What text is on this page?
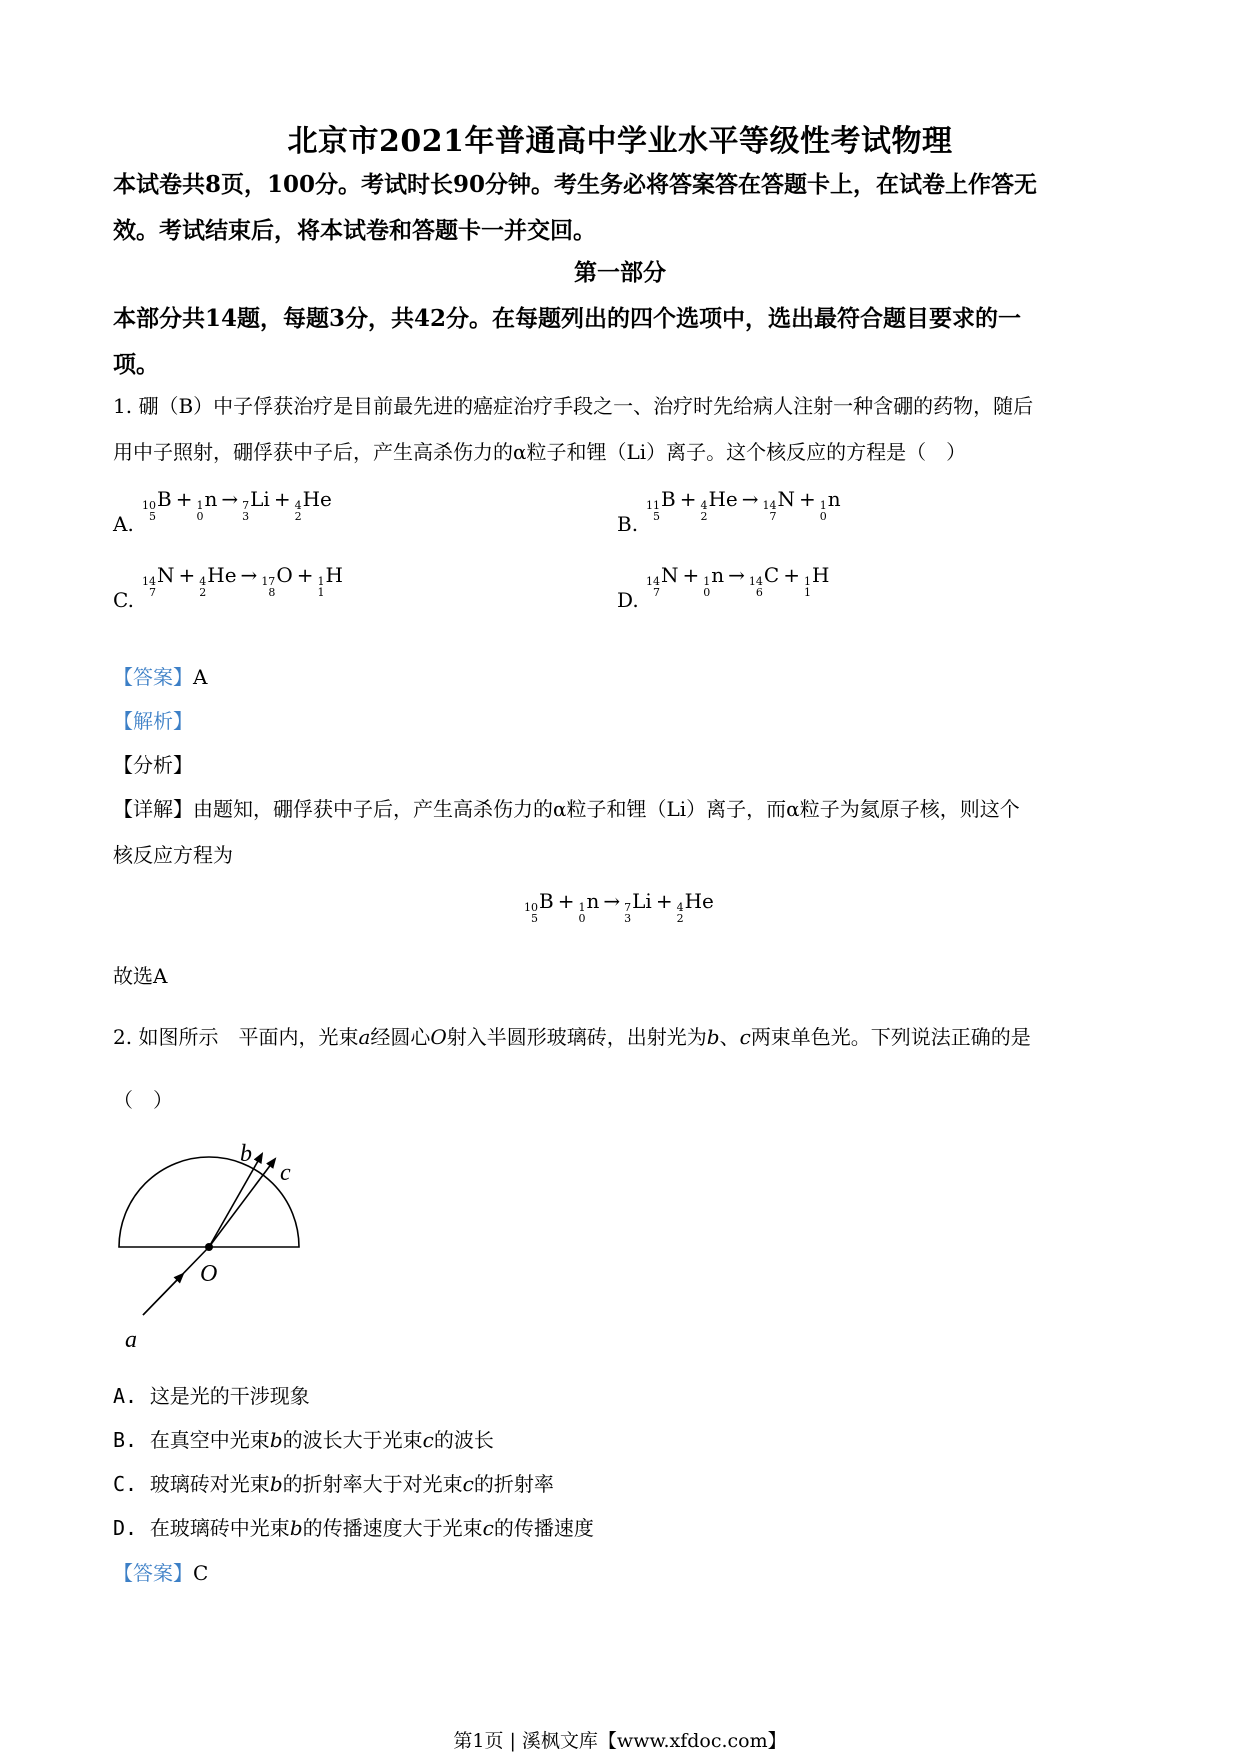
北京市2021年普通高中学业水平等级性考试物理
本试卷共8页，100分。考试时长90分钟。考生务必将答案答在答题卡上，在试卷上作答无
效。考试结束后，将本试卷和答题卡一并交回。
第一部分
本部分共14题，每题3分，共42分。在每题列出的四个选项中，选出最符合题目要求的一
项。
1. 硼（B）中子俘获治疗是目前最先进的癌症治疗手段之一、治疗时先给病人注射一种含硼的药物，随后
用中子照射，硼俘获中子后，产生高杀伤力的α粒子和锂（Li）离子。这个核反应的方程是（　）
A.
10
5
B + 1
0
n → 7
3
Li + 4
2
He
B.
11
5
B + 4
2
He → 14
7
N + 1
0
n
C.
14
7
N + 4
2
He → 17
8
O + 1
1
H
D.
14
7
N + 1
0
n → 14
6
C + 1
1
H
【答案】A
【解析】
【分析】
【详解】由题知，硼俘获中子后，产生高杀伤力的α粒子和锂（Li）离子，而α粒子为氦原子核，则这个
核反应方程为
10
5
B + 1
0
n → 7
3
Li + 4
2
He
故选A
2. 如图所示　平面内，光束a经圆心O射入半圆形玻璃砖，出射光为b、c两束单色光。下列说法正确的是
（　）
b
c
O
a
A. 这是光的干涉现象
B. 在真空中光束b的波长大于光束c的波长
C. 玻璃砖对光束b的折射率大于对光束c的折射率
D. 在玻璃砖中光束b的传播速度大于光束c的传播速度
【答案】C
第1页 | 溪枫文库【www.xfdoc.com】
